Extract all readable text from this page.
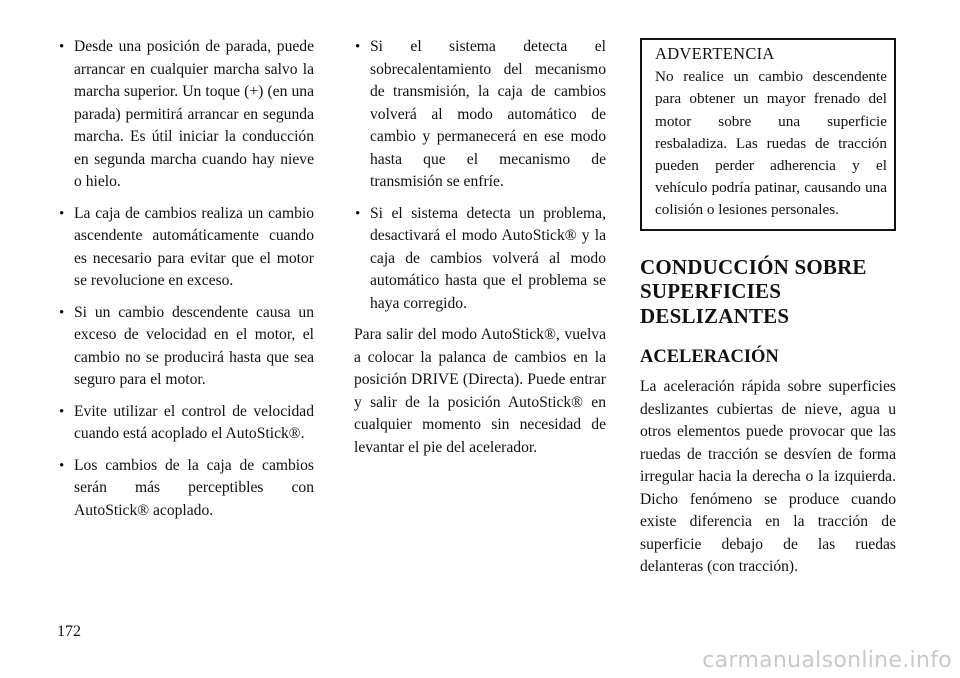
• Desde una posición de parada, puede arrancar en cualquier marcha salvo la marcha superior. Un toque (+) (en una parada) permitirá arrancar en segunda marcha. Es útil iniciar la conducción en segunda marcha cuando hay nieve o hielo.
• La caja de cambios realiza un cambio ascendente automáticamente cuando es necesario para evitar que el motor se revolucione en exceso.
• Si un cambio descendente causa un exceso de velocidad en el motor, el cambio no se producirá hasta que sea seguro para el motor.
• Evite utilizar el control de velocidad cuando está acoplado el AutoStick®.
• Los cambios de la caja de cambios serán más perceptibles con AutoStick® acoplado.
• Si el sistema detecta el sobrecalentamiento del mecanismo de transmisión, la caja de cambios volverá al modo automático de cambio y permanecerá en ese modo hasta que el mecanismo de transmisión se enfríe.
• Si el sistema detecta un problema, desactivará el modo AutoStick® y la caja de cambios volverá al modo automático hasta que el problema se haya corregido.

Para salir del modo AutoStick®, vuelva a colocar la palanca de cambios en la posición DRIVE (Directa). Puede entrar y salir de la posición AutoStick® en cualquier momento sin necesidad de levantar el pie del acelerador.

ADVERTENCIA
No realice un cambio descendente para obtener un mayor frenado del motor sobre una superficie resbaladiza. Las ruedas de tracción pueden perder adherencia y el vehículo podría patinar, causando una colisión o lesiones personales.
CONDUCCIÓN SOBRE SUPERFICIES DESLIZANTES
ACELERACIÓN

La aceleración rápida sobre superficies deslizantes cubiertas de nieve, agua u otros elementos puede provocar que las ruedas de tracción se desvíen de forma irregular hacia la derecha o la izquierda. Dicho fenómeno se produce cuando existe diferencia en la tracción de superficie debajo de las ruedas delanteras (con tracción).

172
carmanualsonline.info
